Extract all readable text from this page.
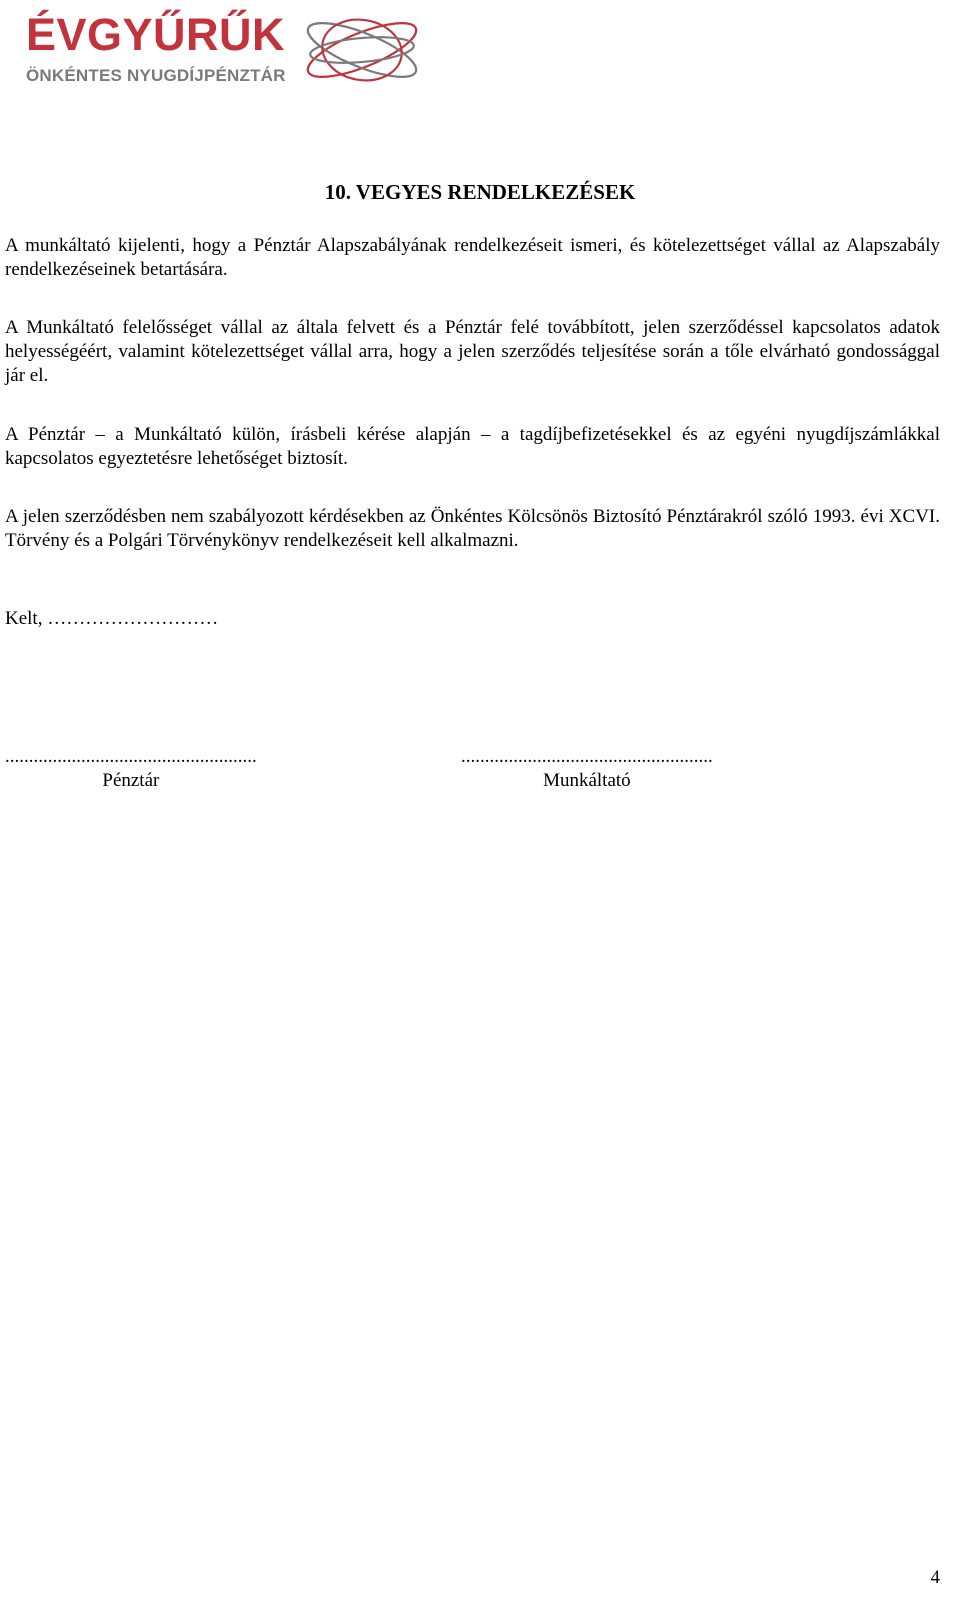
ÉVGYŰRŰK
ÖNKÉNTES NYUGDÍJPÉNZTÁR
10. VEGYES RENDELKEZÉSEK

A munkáltató kijelenti, hogy a Pénztár Alapszabályának rendelkezéseit ismeri, és kötelezettséget vállal az Alapszabály rendelkezéseinek betartására.

A Munkáltató felelősséget vállal az általa felvett és a Pénztár felé továbbított, jelen szerződéssel kapcsolatos adatok helyességéért, valamint kötelezettséget vállal arra, hogy a jelen szerződés teljesítése során a tőle elvárható gondossággal jár el.

A Pénztár – a Munkáltató külön, írásbeli kérése alapján – a tagdíjbefizetésekkel és az egyéni nyugdíjszámlákkal kapcsolatos egyeztetésre lehetőséget biztosít.

A jelen szerződésben nem szabályozott kérdésekben az Önkéntes Kölcsönös Biztosító Pénztárakról szóló 1993. évi XCVI. Törvény és a Polgári Törvénykönyv rendelkezéseit kell alkalmazni.

Kelt, ………………………
.....................................................
Pénztár
.....................................................
Munkáltató
4
